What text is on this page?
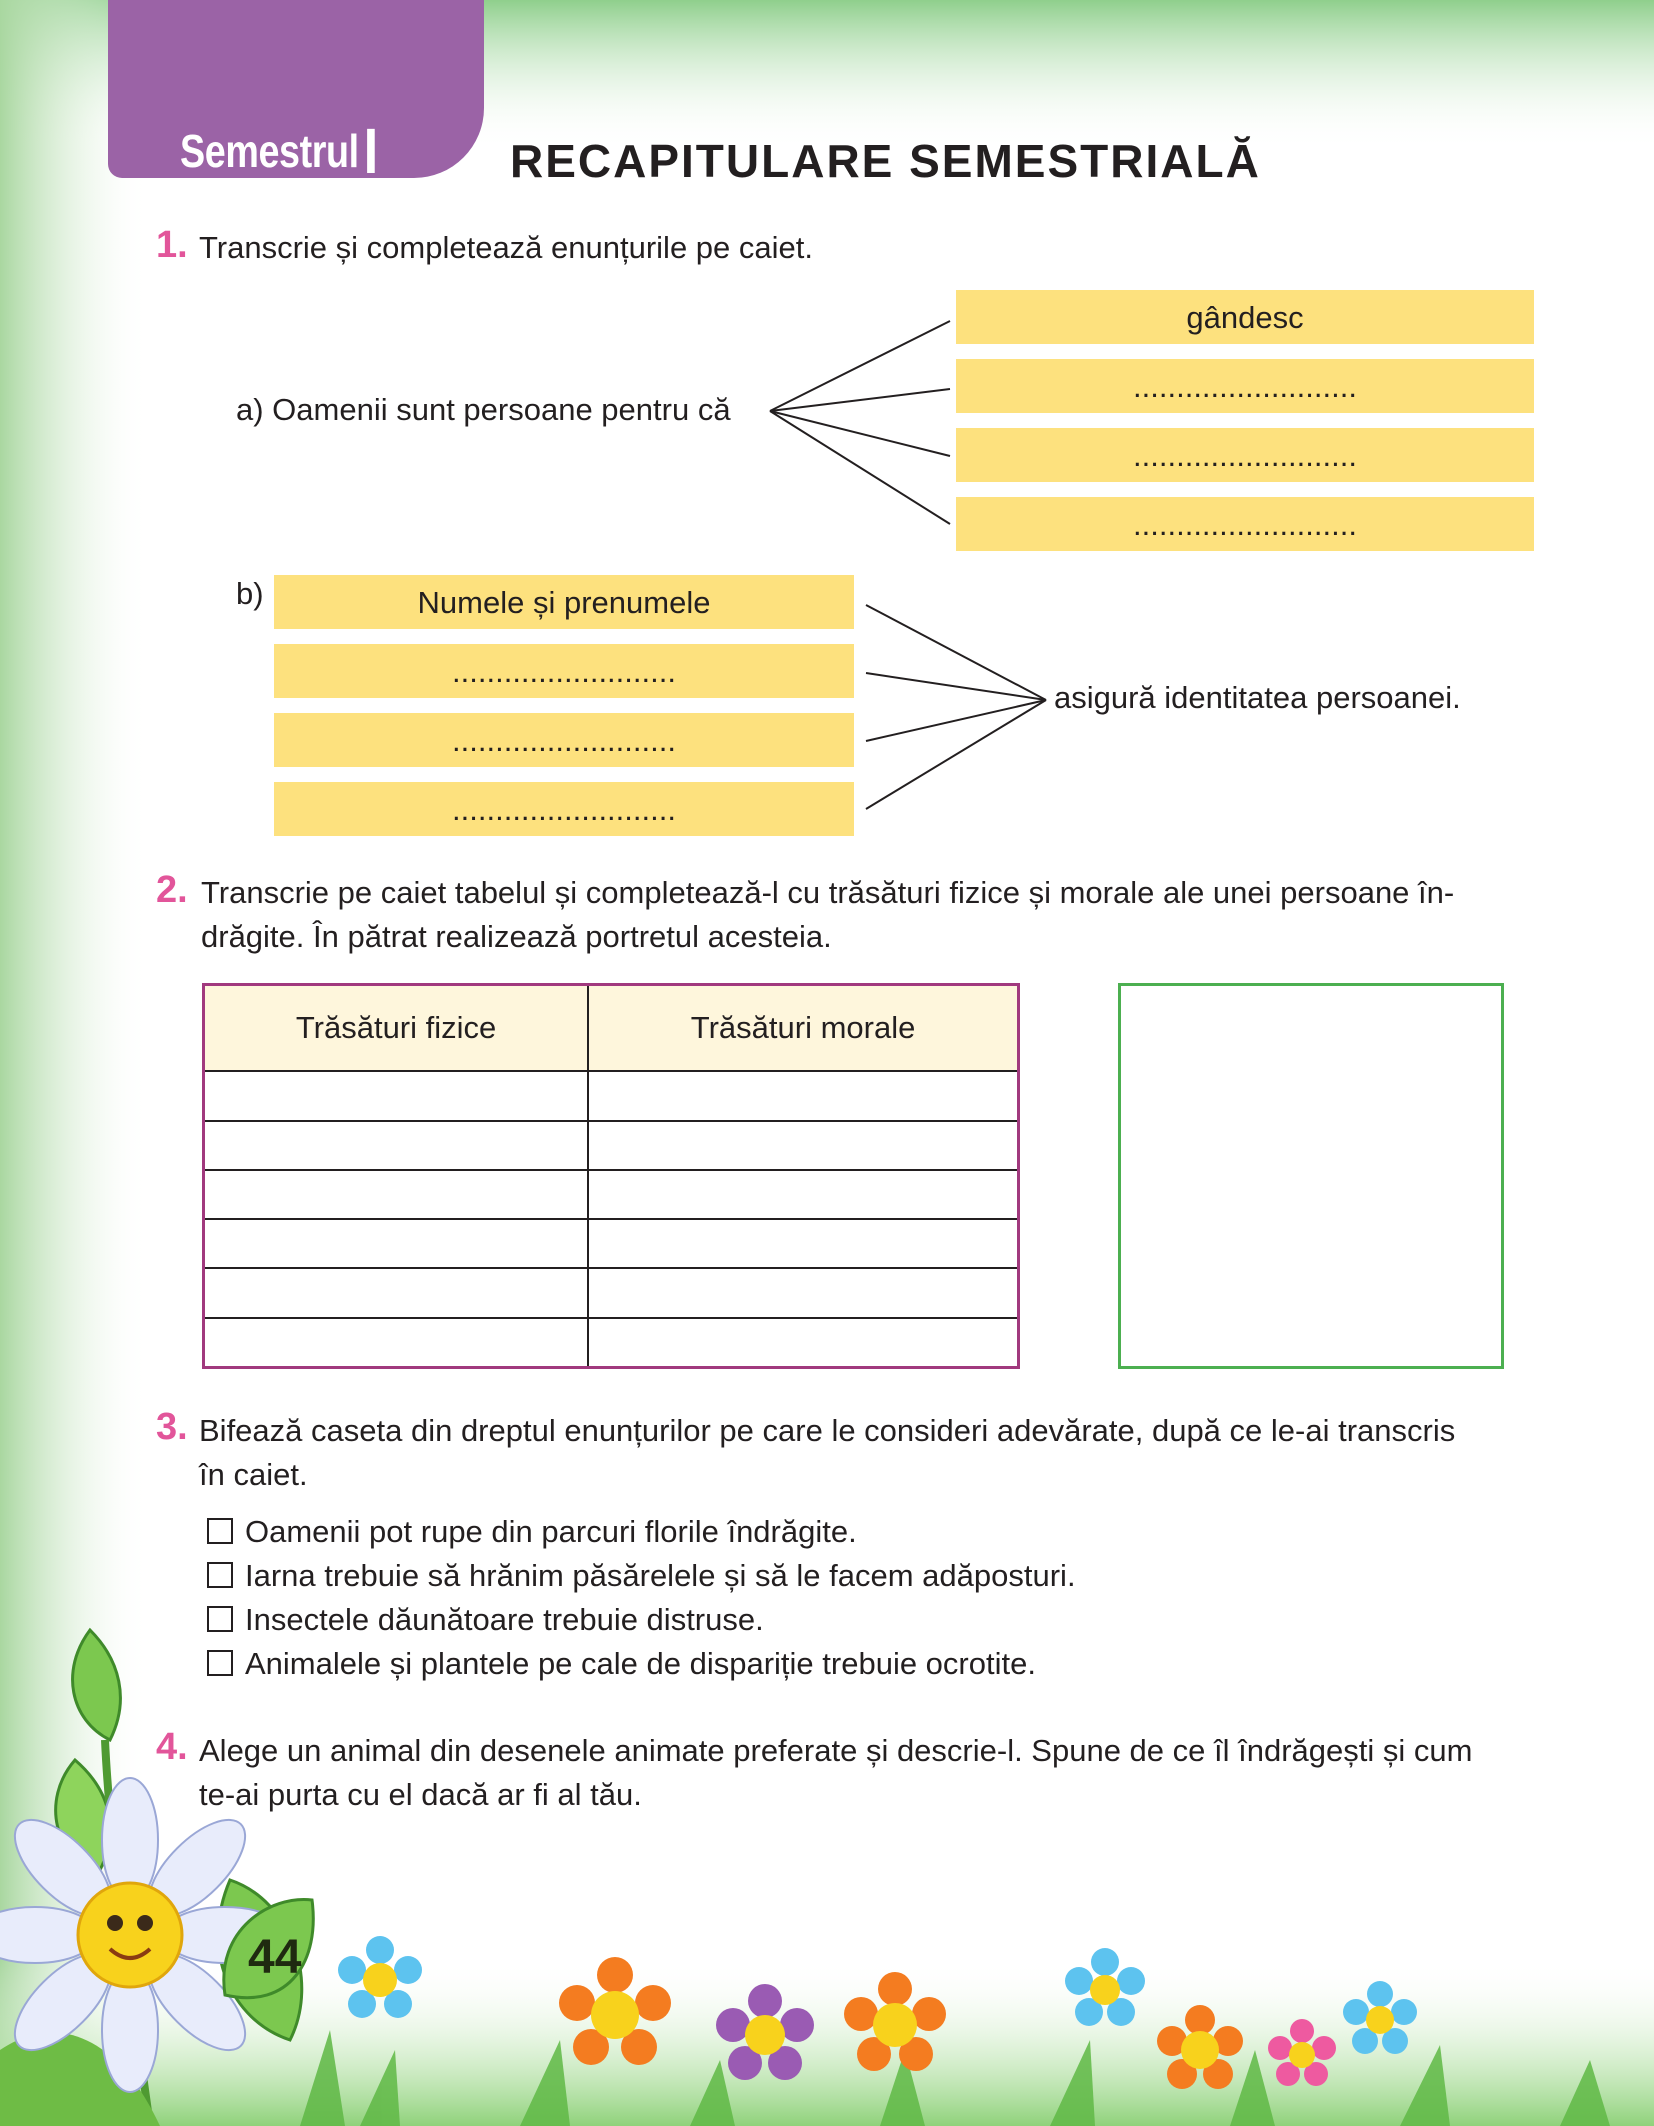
SemestrulI	RECAPITULARE SEMESTRIALĂ
1. Transcrie și completează enunțurile pe caiet.
a) Oamenii sunt persoane pentru că
gândesc
..........................
..........................
..........................
b)	Numele și prenumele
..........................
..........................
..........................
asigură identitatea persoanei.
2. Transcrie pe caiet tabelul și completează-l cu trăsături fizice și morale ale unei persoane în-
drăgite. În pătrat realizează portretul acesteia.
Trăsături fizice	Trăsături morale

3. Bifează caseta din dreptul enunțurilor pe care le consideri adevărate, după ce le-ai transcris
în caiet.
Oamenii pot rupe din parcuri florile îndrăgite.
Iarna trebuie să hrănim păsărelele și să le facem adăposturi.
Insectele dăunătoare trebuie distruse.
Animalele și plantele pe cale de dispariție trebuie ocrotite.
4. Alege un animal din desenele animate preferate și descrie-l. Spune de ce îl îndrăgești și cum
te-ai purta cu el dacă ar fi al tău.
44
